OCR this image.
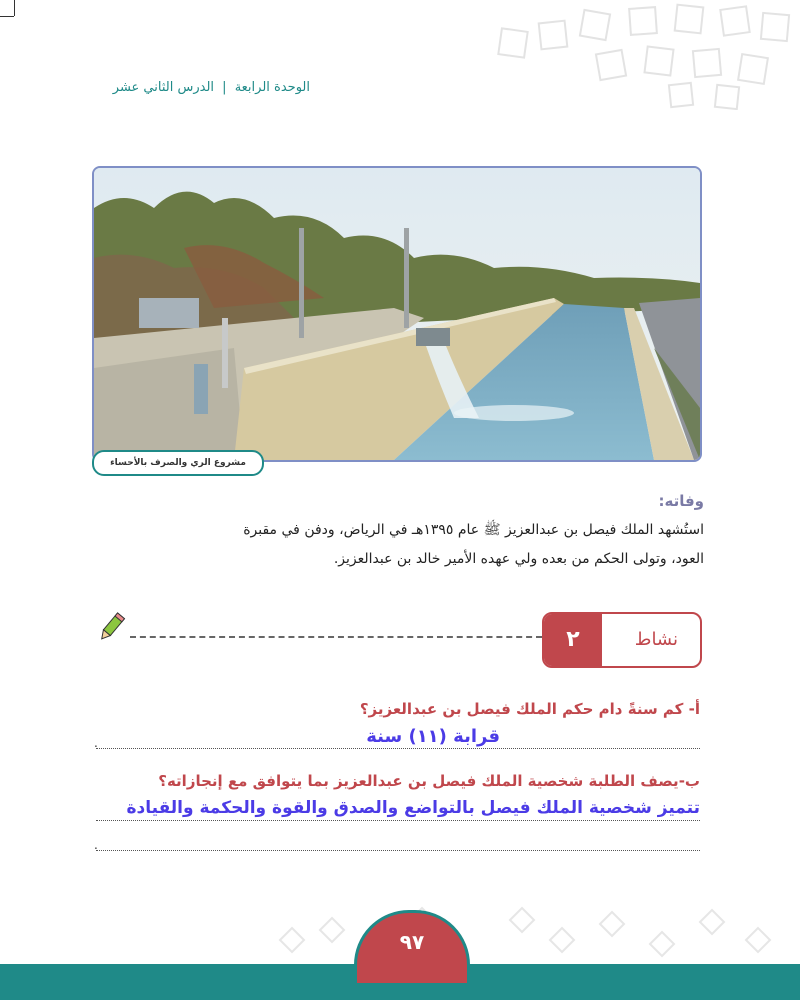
الوحدة الرابعة | الدرس الثاني عشر
مشروع الري والصرف بالأحساء
وفاته:
استُشهد الملك فيصل بن عبدالعزيز ﷺ عام ١٣٩٥هـ في الرياض، ودفن في مقبرة
العود، وتولى الحكم من بعده ولي عهده الأمير خالد بن عبدالعزيز.
نشاط
٢
أ- كم سنةً دام حكم الملك فيصل بن عبدالعزيز؟
قرابة (١١) سنة
.
ب-يصف الطلبة شخصية الملك فيصل بن عبدالعزيز بما يتوافق مع إنجازاته؟
تتميز شخصية الملك فيصل بالتواضع والصدق والقوة والحكمة والقيادة
.
٩٧
